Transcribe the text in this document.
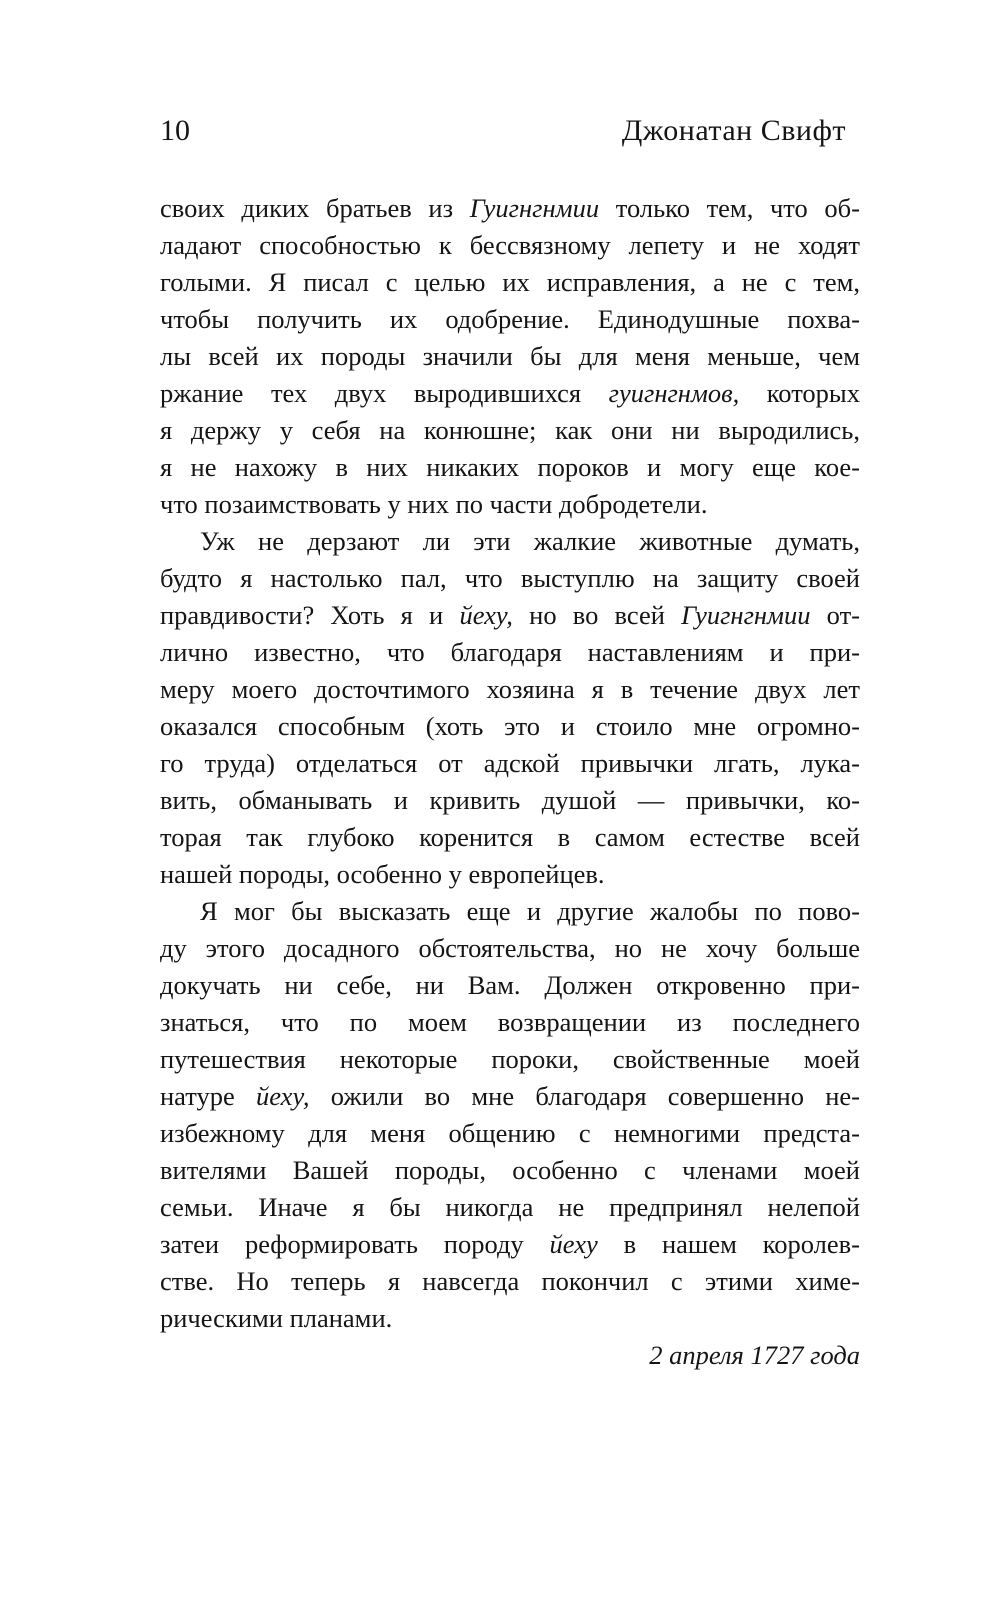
10	Джонатан Свифт

своих диких братьев из Гуигнгнмии только тем, что об-
ладают способностью к бессвязному лепету и не ходят
голыми. Я писал с целью их исправления, а не с тем,
чтобы получить их одобрение. Единодушные похва-
лы всей их породы значили бы для меня меньше, чем
ржание тех двух выродившихся гуигнгнмов, которых
я держу у себя на конюшне; как они ни выродились,
я не нахожу в них никаких пороков и могу еще кое-
что позаимствовать у них по части добродетели.

Уж не дерзают ли эти жалкие животные думать,
будто я настолько пал, что выступлю на защиту своей
правдивости? Хоть я и йеху, но во всей Гуигнгнмии от-
лично известно, что благодаря наставлениям и при-
меру моего досточтимого хозяина я в течение двух лет
оказался способным (хоть это и стоило мне огромно-
го труда) отделаться от адской привычки лгать, лука-
вить, обманывать и кривить душой — привычки, ко-
торая так глубоко коренится в самом естестве всей
нашей породы, особенно у европейцев.

Я мог бы высказать еще и другие жалобы по пово-
ду этого досадного обстоятельства, но не хочу больше
докучать ни себе, ни Вам. Должен откровенно при-
знаться, что по моем возвращении из последнего
путешествия некоторые пороки, свойственные моей
натуре йеху, ожили во мне благодаря совершенно не-
избежному для меня общению с немногими предста-
вителями Вашей породы, особенно с членами моей
семьи. Иначе я бы никогда не предпринял нелепой
затеи реформировать породу йеху в нашем королев-
стве. Но теперь я навсегда покончил с этими химе-
рическими планами.

2 апреля 1727 года
